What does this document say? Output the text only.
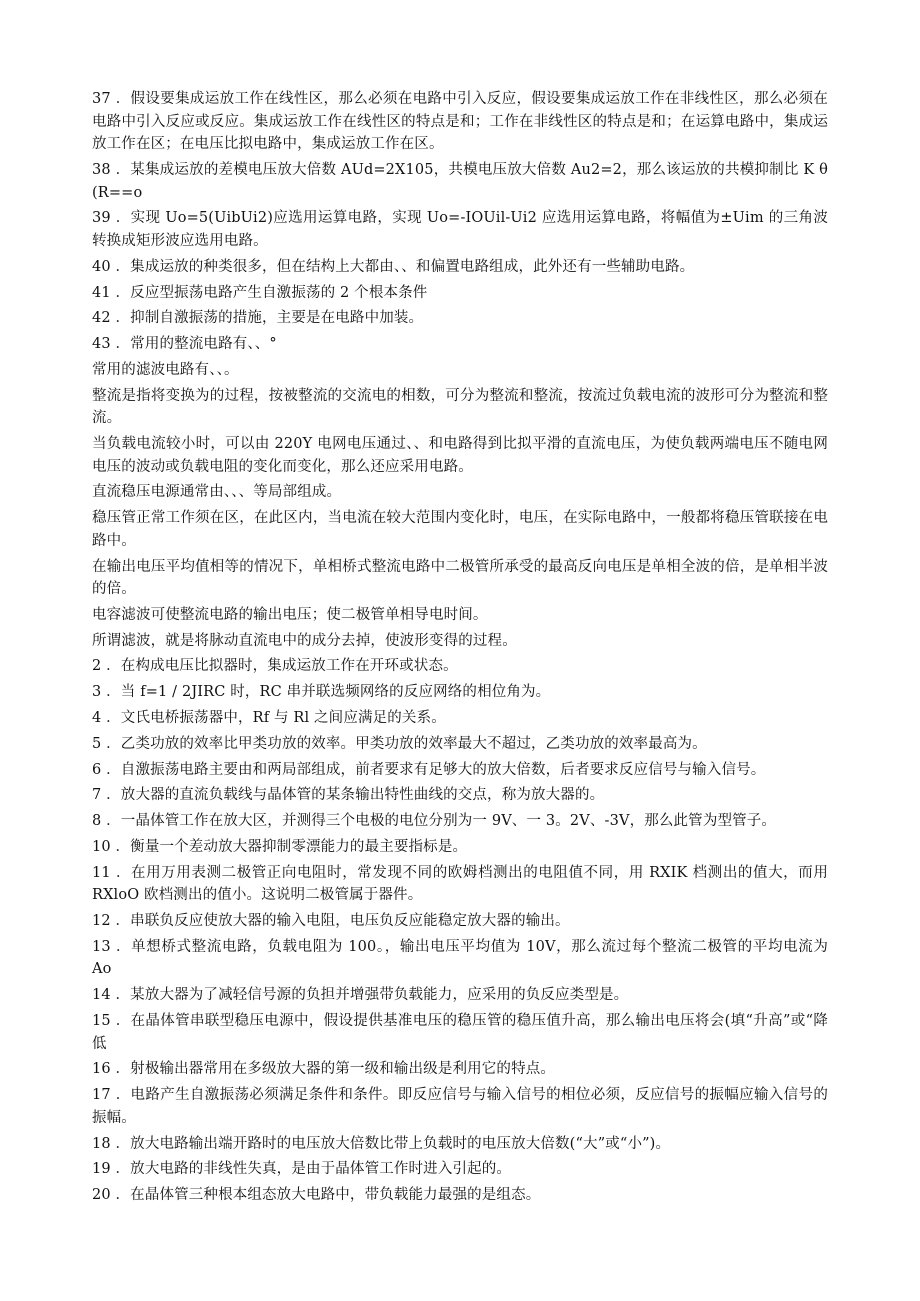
37 ．假设要集成运放工作在线性区，那么必须在电路中引入反应，假设要集成运放工作在非线性区，那么必须在电路中引入反应或反应。集成运放工作在线性区的特点是和；工作在非线性区的特点是和；在运算电路中，集成运放工作在区；在电压比拟电路中，集成运放工作在区。

38 ．某集成运放的差模电压放大倍数 AUd=2X105，共模电压放大倍数 Au2=2，那么该运放的共模抑制比 K θ (R==o

39 ．实现 Uo=5(UibUi2)应选用运算电路，实现 Uo=-IOUil-Ui2 应选用运算电路，将幅值为±Uim 的三角波转换成矩形波应选用电路。

40 ．集成运放的种类很多，但在结构上大都由、、和偏置电路组成，此外还有一些辅助电路。

41 ．反应型振荡电路产生自激振荡的 2 个根本条件

42 ．抑制自激振荡的措施，主要是在电路中加装。

43 ．常用的整流电路有、、°

常用的滤波电路有、、。

整流是指将变换为的过程，按被整流的交流电的相数，可分为整流和整流，按流过负载电流的波形可分为整流和整流。

当负载电流较小时，可以由 220Y 电网电压通过、、和电路得到比拟平滑的直流电压，为使负载两端电压不随电网电压的波动或负载电阻的变化而变化，那么还应采用电路。

直流稳压电源通常由、、、等局部组成。

稳压管正常工作须在区，在此区内，当电流在较大范围内变化时，电压，在实际电路中，一般都将稳压管联接在电路中。

在输出电压平均值相等的情况下，单相桥式整流电路中二极管所承受的最高反向电压是单相全波的倍，是单相半波的倍。

电容滤波可使整流电路的输出电压；使二极管单相导电时间。

所谓滤波，就是将脉动直流电中的成分去掉，使波形变得的过程。

2 ．在构成电压比拟器时，集成运放工作在开环或状态。

3 ．当 f=1 / 2JIRC 时，RC 串并联选频网络的反应网络的相位角为。

4 ．文氏电桥振荡器中，Rf 与 Rl 之间应满足的关系。

5 ．乙类功放的效率比甲类功放的效率。甲类功放的效率最大不超过，乙类功放的效率最高为。

6 ．自激振荡电路主要由和两局部组成，前者要求有足够大的放大倍数，后者要求反应信号与输入信号。

7 ．放大器的直流负载线与晶体管的某条输出特性曲线的交点，称为放大器的。

8 ．一晶体管工作在放大区，并测得三个电极的电位分别为一 9V、一 3。2V、-3V，那么此管为型管子。

10 ．衡量一个差动放大器抑制零漂能力的最主要指标是。

11 ．在用万用表测二极管正向电阻时，常发现不同的欧姆档测出的电阻值不同，用 RXIK 档测出的值大，而用 RXloO 欧档测出的值小。这说明二极管属于器件。

12 ．串联负反应使放大器的输入电阻，电压负反应能稳定放大器的输出。

13 ．单想桥式整流电路，负载电阻为 100。，输出电压平均值为 10V，那么流过每个整流二极管的平均电流为 Ao

14 ．某放大器为了减轻信号源的负担并增强带负载能力，应采用的负反应类型是。

15 ．在晶体管串联型稳压电源中，假设提供基准电压的稳压管的稳压值升高，那么输出电压将会(填“升高”或“降低

16 ．射极输出器常用在多级放大器的第一级和输出级是利用它的特点。

17 ．电路产生自激振荡必须满足条件和条件。即反应信号与输入信号的相位必须，反应信号的振幅应输入信号的振幅。

18 ．放大电路输出端开路时的电压放大倍数比带上负载时的电压放大倍数(“大”或“小”)。

19 ．放大电路的非线性失真，是由于晶体管工作时进入引起的。

20 ．在晶体管三种根本组态放大电路中，带负载能力最强的是组态。
